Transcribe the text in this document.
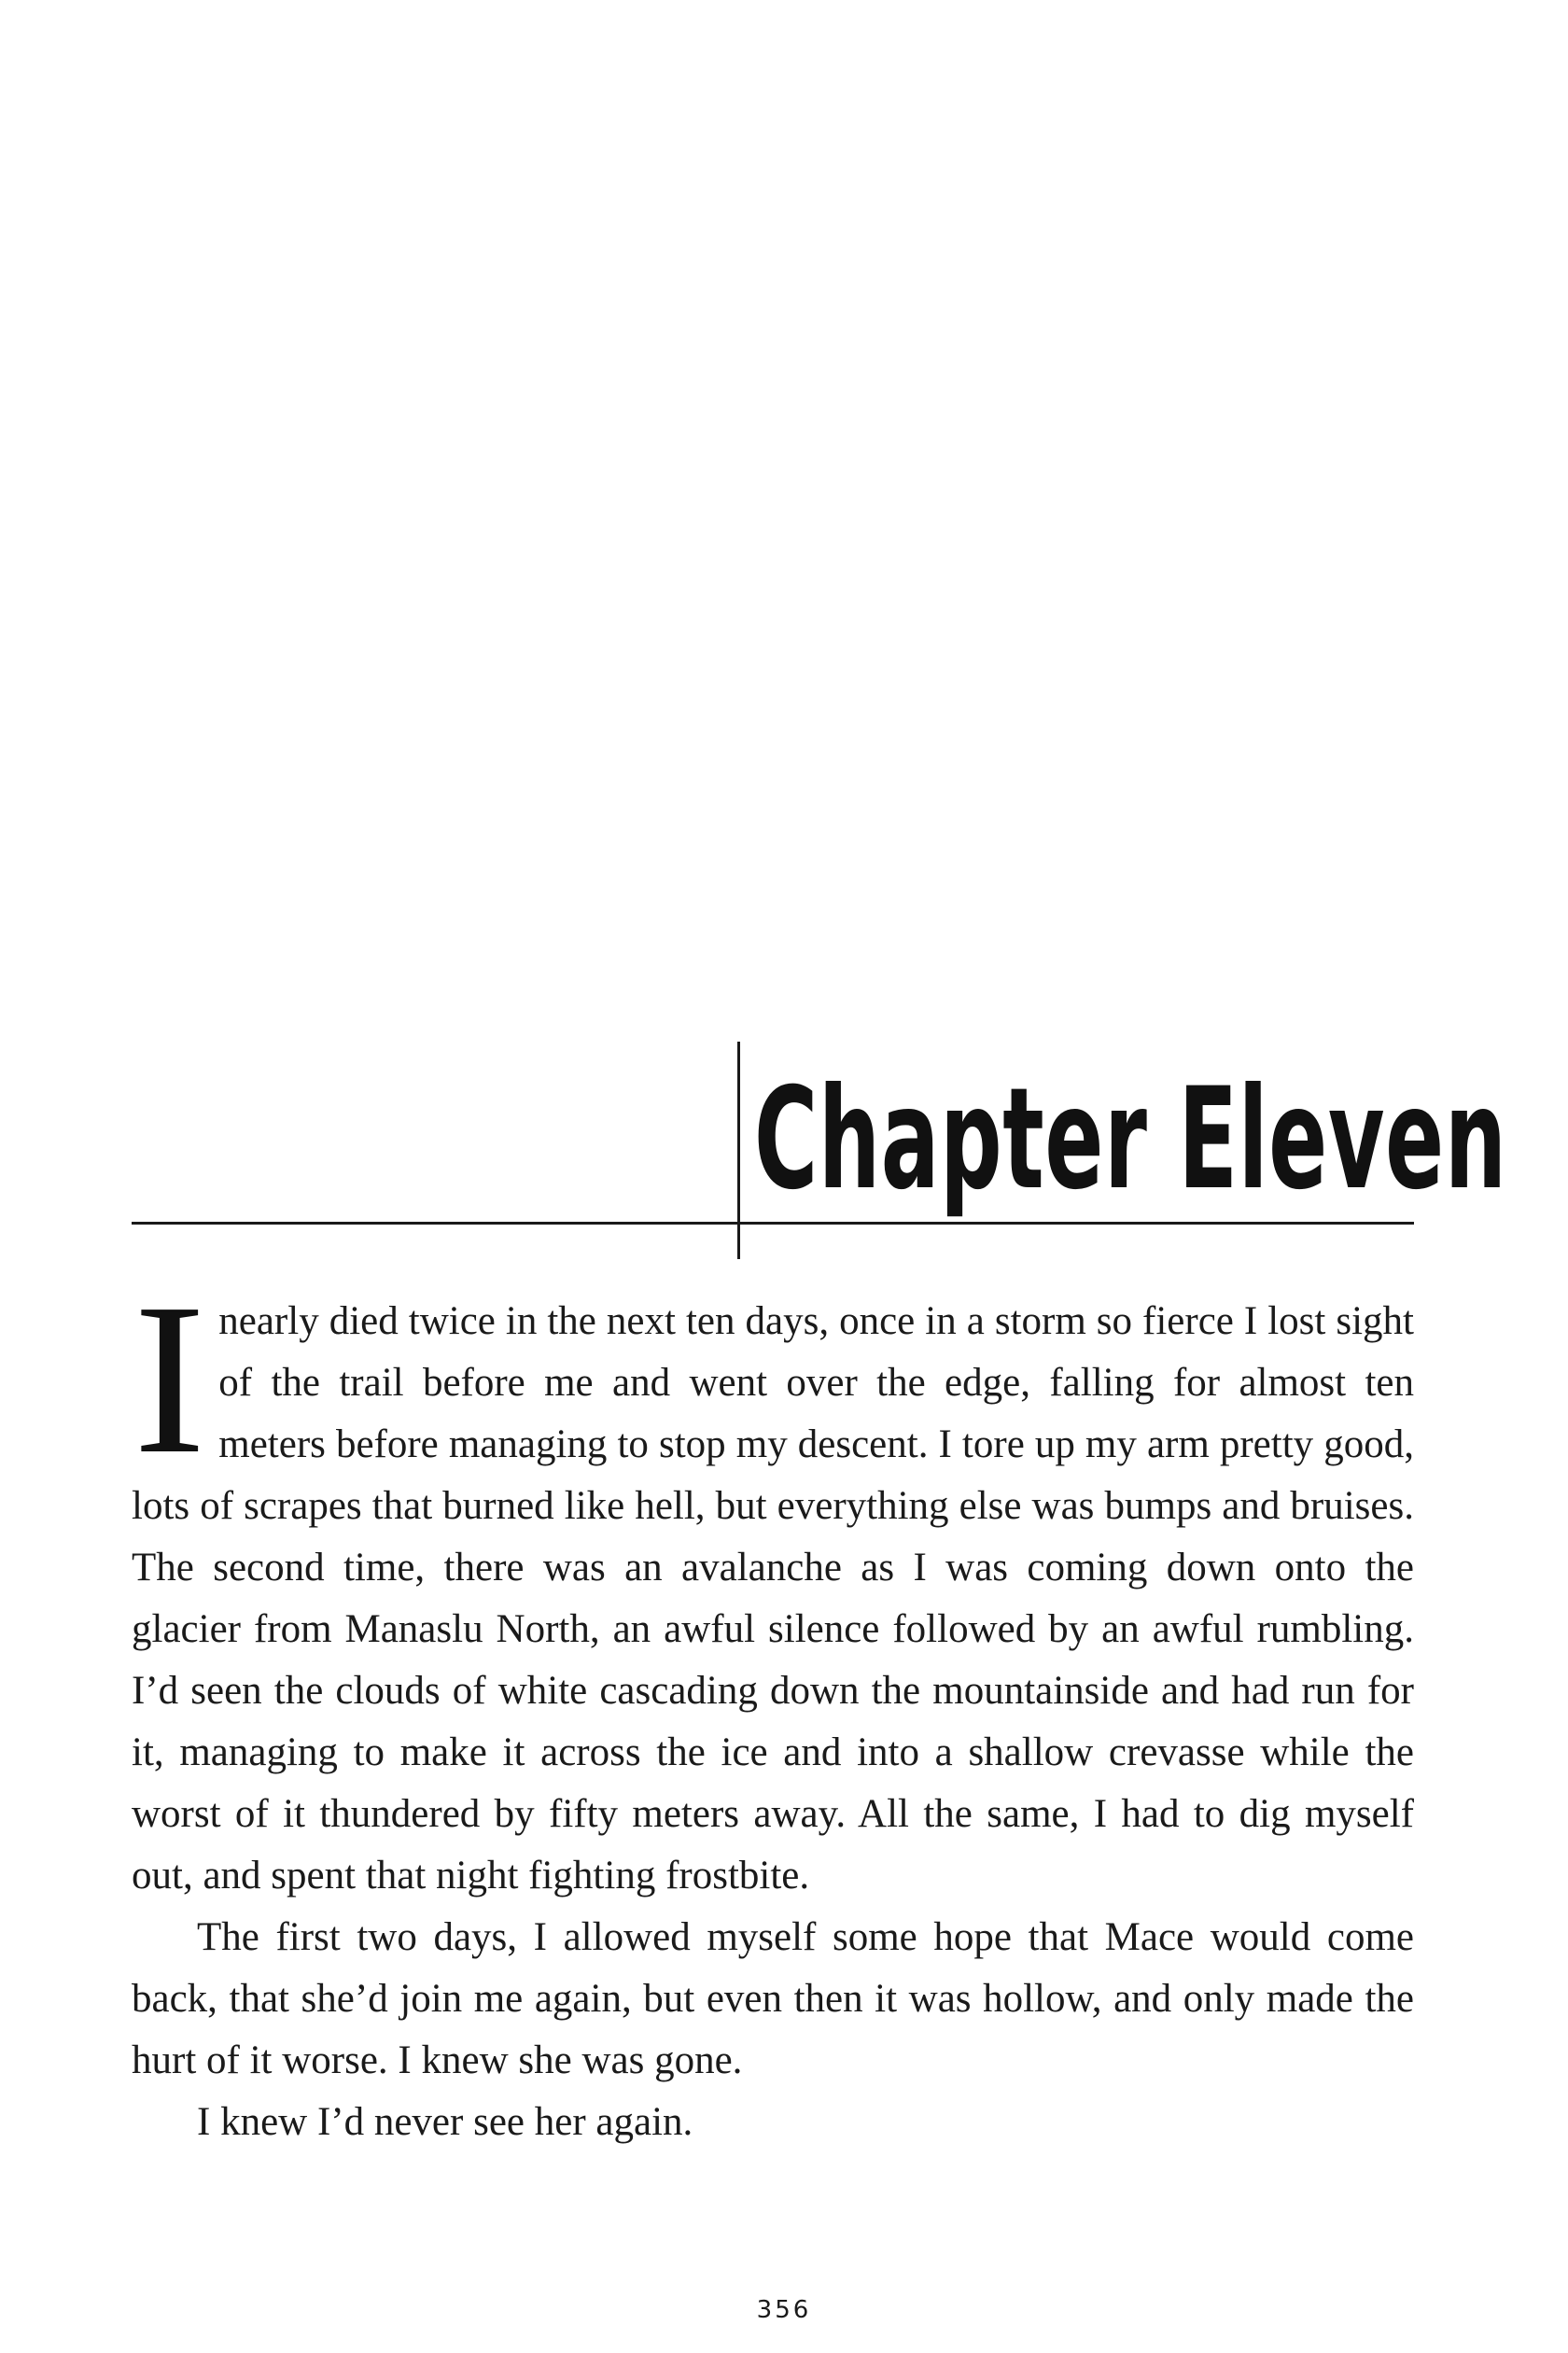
Chapter Eleven

Inearly died twice in the next ten days, once in a storm so fierce I lost sight of the trail before me and went over the edge, falling for almost ten meters before managing to stop my descent. I tore up my arm pretty good, lots of scrapes that burned like hell, but everything else was bumps and bruises. The second time, there was an avalanche as I was coming down onto the glacier from Manaslu North, an awful silence followed by an awful rumbling. I’d seen the clouds of white cascading down the mountainside and had run for it, managing to make it across the ice and into a shallow crevasse while the worst of it thundered by fifty meters away. All the same, I had to dig myself out, and spent that night fighting frostbite.

The first two days, I allowed myself some hope that Mace would come back, that she’d join me again, but even then it was hollow, and only made the hurt of it worse. I knew she was gone.

I knew I’d never see her again.

356
